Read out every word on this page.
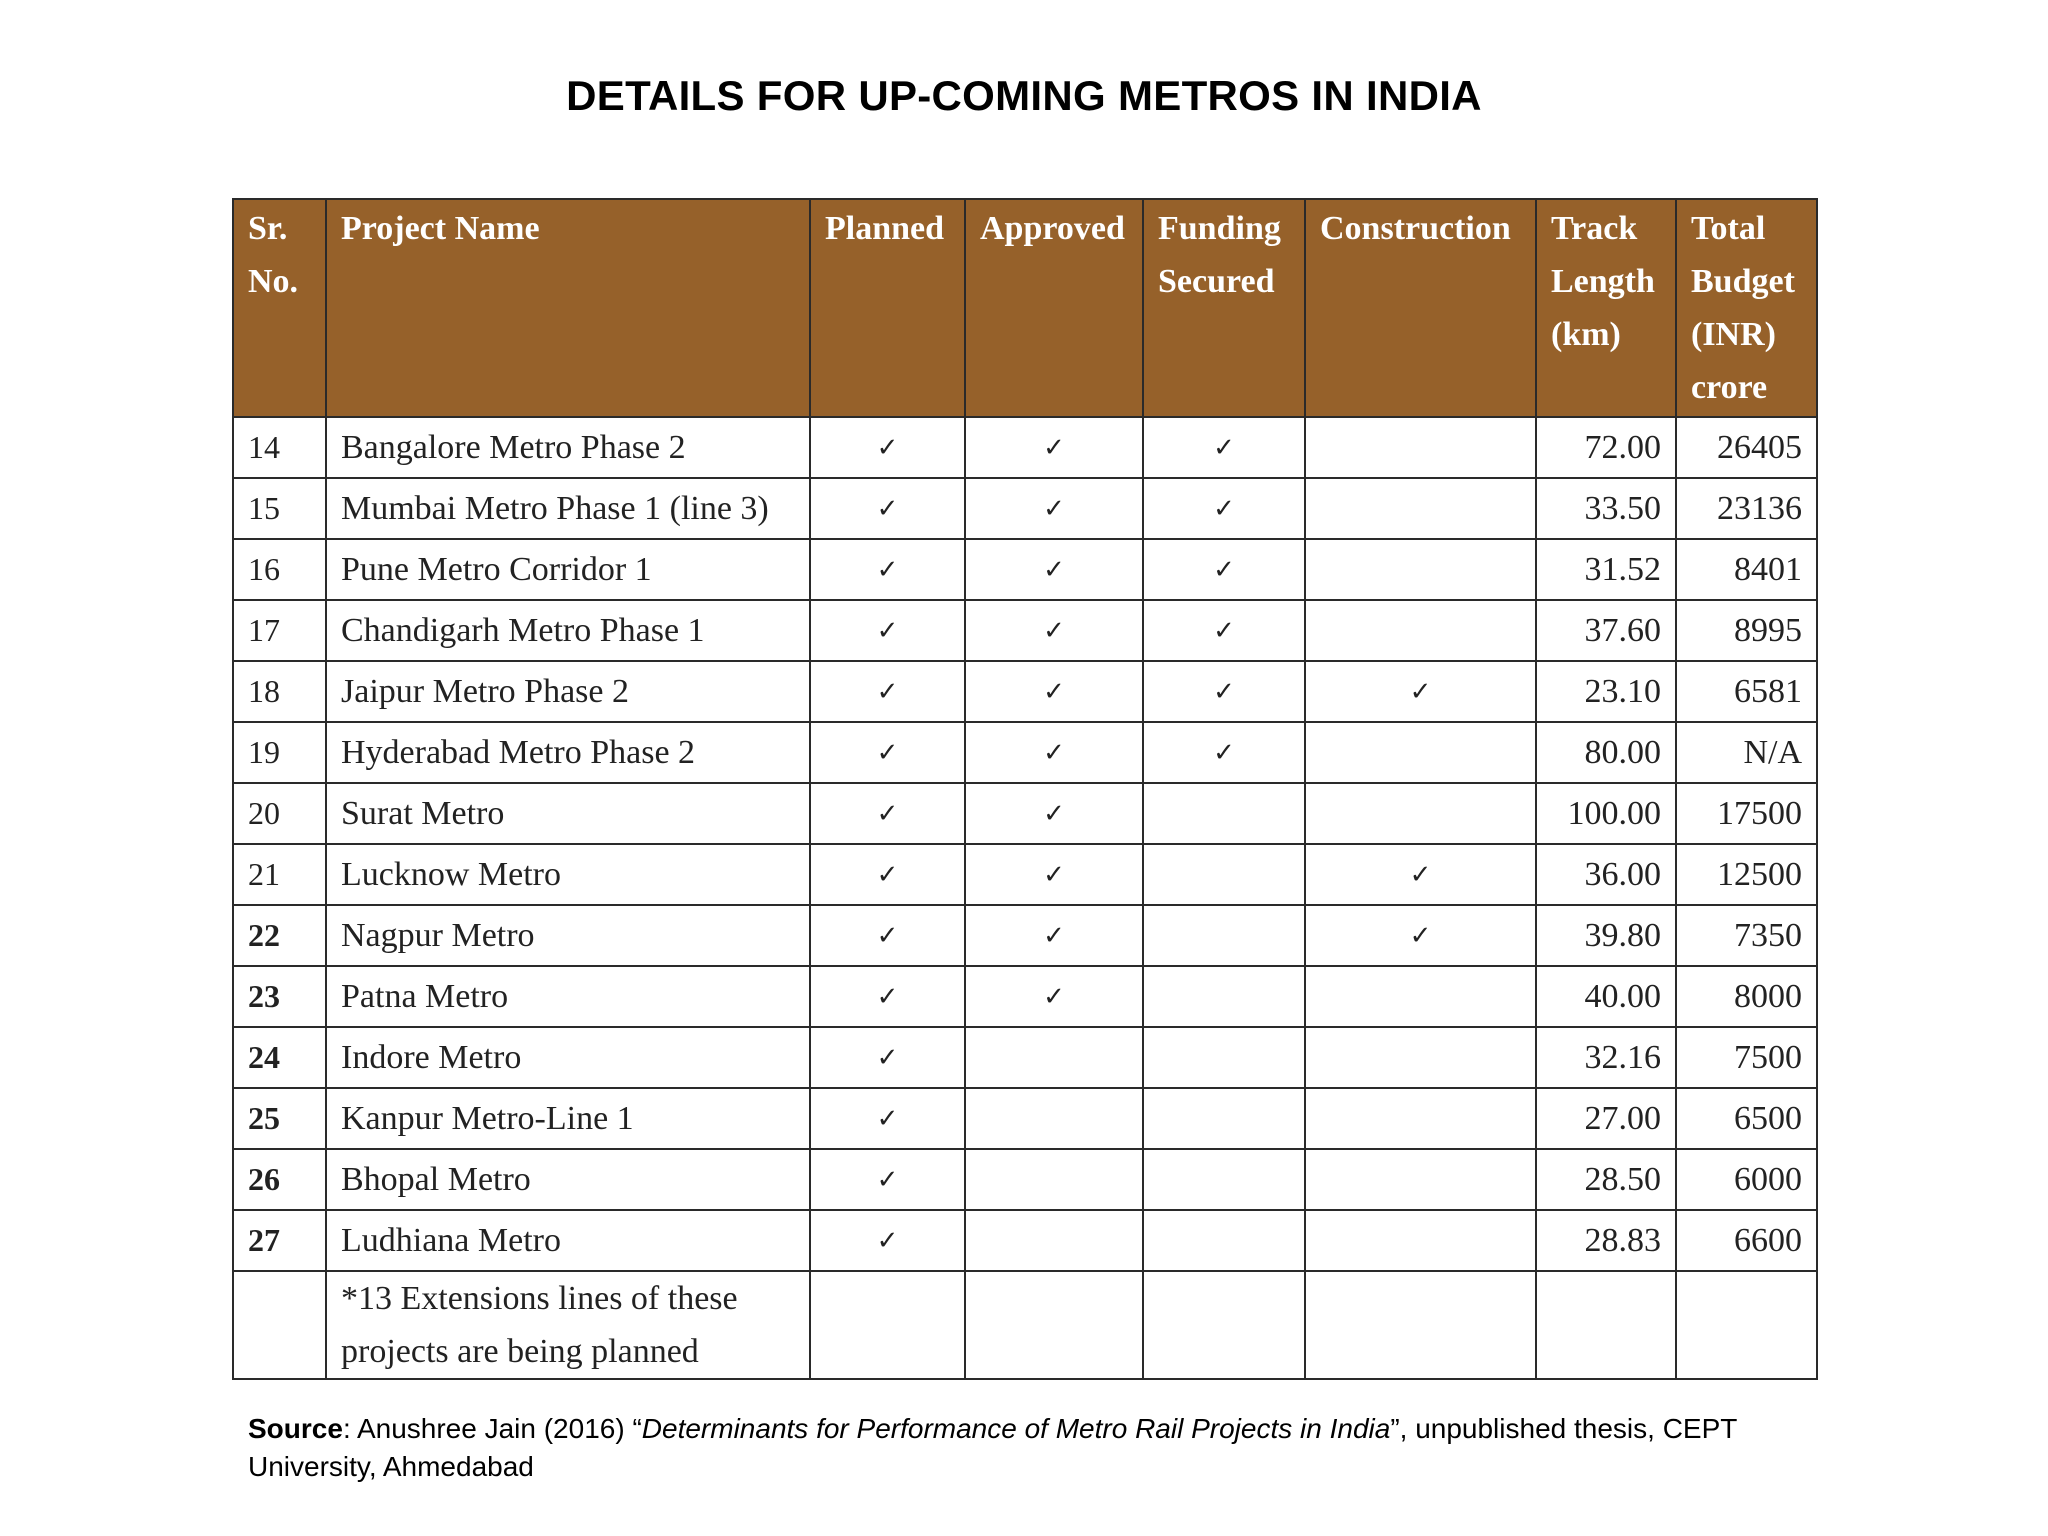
DETAILS FOR UP-COMING METROS IN INDIA
Sr. No.	Project Name	Planned	Approved	Funding Secured	Construction	Track Length (km)	Total Budget (INR) crore
14	Bangalore Metro Phase 2	✓	✓	✓		72.00	26405
15	Mumbai Metro Phase 1 (line 3)	✓	✓	✓		33.50	23136
16	Pune Metro Corridor 1	✓	✓	✓		31.52	8401
17	Chandigarh Metro Phase 1	✓	✓	✓		37.60	8995
18	Jaipur Metro Phase 2	✓	✓	✓	✓	23.10	6581
19	Hyderabad Metro Phase 2	✓	✓	✓		80.00	N/A
20	Surat Metro	✓	✓			100.00	17500
21	Lucknow Metro	✓	✓		✓	36.00	12500
22	Nagpur Metro	✓	✓		✓	39.80	7350
23	Patna Metro	✓	✓			40.00	8000
24	Indore Metro	✓				32.16	7500
25	Kanpur Metro-Line 1	✓				27.00	6500
26	Bhopal Metro	✓				28.50	6000
27	Ludhiana Metro	✓				28.83	6600
	*13 Extensions lines of these projects are being planned						
Source: Anushree Jain (2016) “Determinants for Performance of Metro Rail Projects in India”, unpublished thesis, CEPT University, Ahmedabad
